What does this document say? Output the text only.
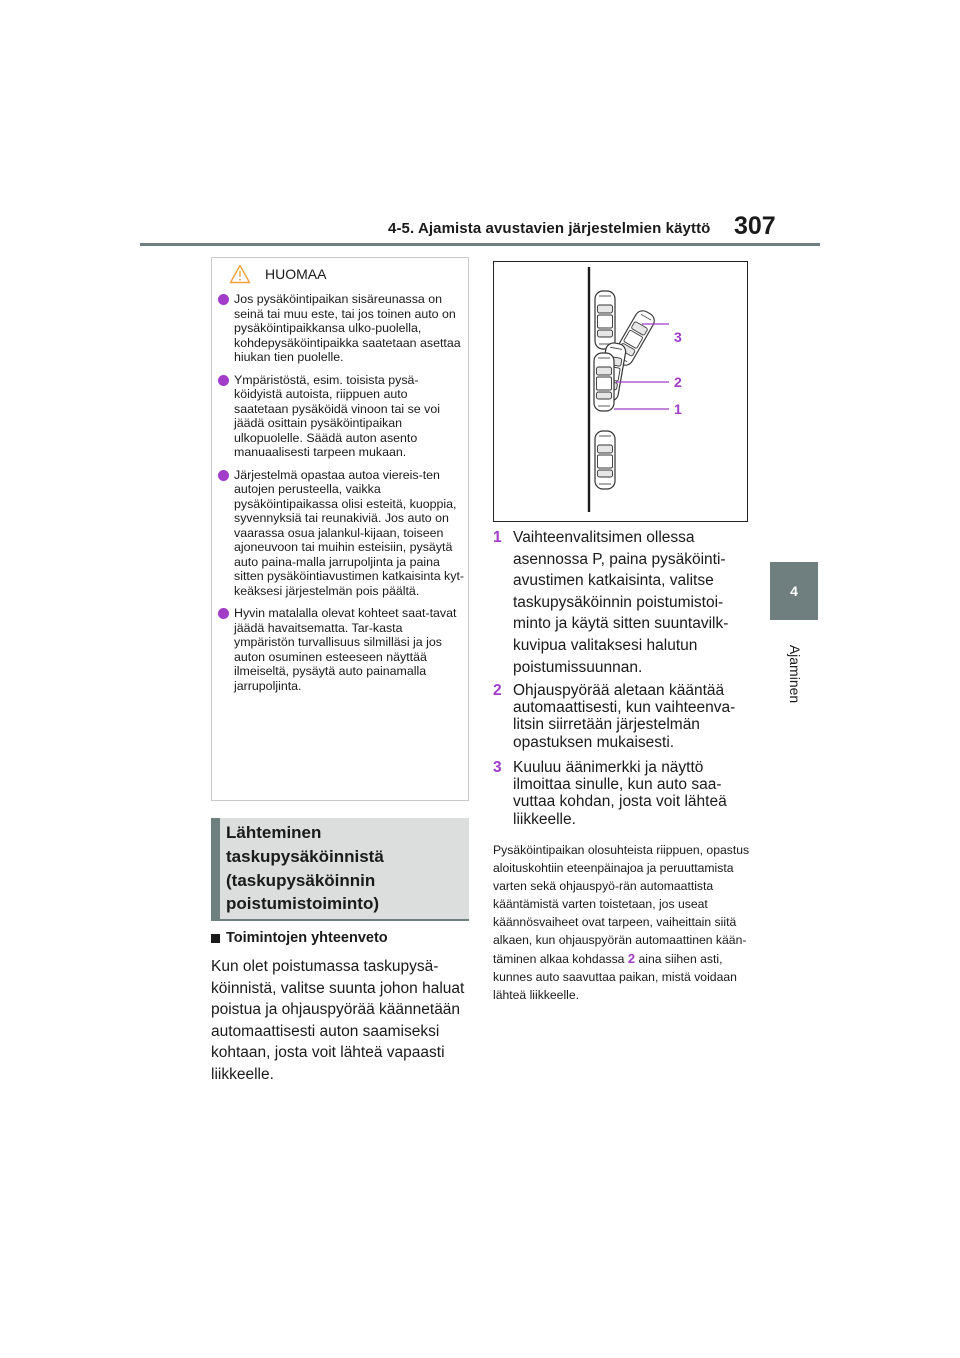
4-5. Ajamista avustavien järjestelmien käyttö 307
4
Ajaminen
HUOMAA
Jos pysäköintipaikan sisäreunassa on seinä tai muu este, tai jos toinen auto on pysäköintipaikkansa ulko-puolella, kohdepysäköintipaikka saatetaan asettaa hiukan tien puolelle.
Ympäristöstä, esim. toisista pysä-köidyistä autoista, riippuen auto saatetaan pysäköidä vinoon tai se voi jäädä osittain pysäköintipaikan ulkopuolelle. Säädä auton asento manuaalisesti tarpeen mukaan.
Järjestelmä opastaa autoa viereis-ten autojen perusteella, vaikka pysäköintipaikassa olisi esteitä, kuoppia, syvennyksiä tai reunakiviä. Jos auto on vaarassa osua jalankul-kijaan, toiseen ajoneuvoon tai muihin esteisiin, pysäytä auto paina-malla jarrupoljinta ja paina sitten pysäköintiavustimen katkaisinta kyt-keäksesi järjestelmän pois päältä.
Hyvin matalalla olevat kohteet saat-tavat jäädä havaitsematta. Tar-kasta ympäristön turvallisuus silmilläsi ja jos auton osuminen esteeseen näyttää ilmeiseltä, pysäytä auto painamalla jarrupoljinta.
Lähteminen taskupysäköinnistä (taskupysäköinnin poistumistoiminto)
Toimintojen yhteenveto
Kun olet poistumassa taskupysä-köinnistä, valitse suunta johon haluat poistua ja ohjauspyörää käännetään automaattisesti auton saamiseksi kohtaan, josta voit lähteä vapaasti liikkeelle.
3
2
1
1 Vaihteenvalitsimen ollessa asennossa P, paina pysäköinti-avustimen katkaisinta, valitse taskupysäköinnin poistumistoi-minto ja käytä sitten suuntavilk-kuvipua valitaksesi halutun poistumissuunnan.
2 Ohjauspyörää aletaan kääntää automaattisesti, kun vaihteenva-litsin siirretään järjestelmän opastuksen mukaisesti.
3 Kuuluu äänimerkki ja näyttö ilmoittaa sinulle, kun auto saa-vuttaa kohdan, josta voit lähteä liikkeelle.
Pysäköintipaikan olosuhteista riippuen, opastus aloituskohtiin eteenpäinajoa ja peruuttamista varten sekä ohjauspyö-rän automaattista kääntämistä varten toistetaan, jos useat käännösvaiheet ovat tarpeen, vaiheittain siitä alkaen, kun ohjauspyörän automaattinen kään-täminen alkaa kohdassa 2 aina siihen asti, kunnes auto saavuttaa paikan, mistä voidaan lähteä liikkeelle.
